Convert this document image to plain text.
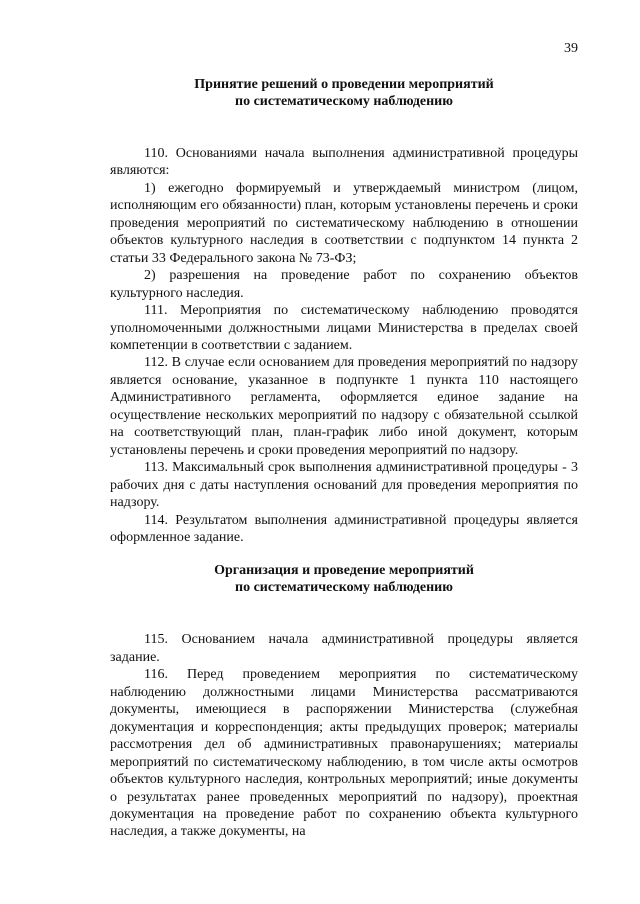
39
Принятие решений о проведении мероприятий
по систематическому наблюдению

110. Основаниями начала выполнения административной процедуры являются:

1) ежегодно формируемый и утверждаемый министром (лицом, исполняющим его обязанности) план, которым установлены перечень и сроки проведения мероприятий по систематическому наблюдению в отношении объектов культурного наследия в соответствии с подпунктом 14 пункта 2 статьи 33 Федерального закона № 73-ФЗ;

2) разрешения на проведение работ по сохранению объектов культурного наследия.

111. Мероприятия по систематическому наблюдению проводятся уполномоченными должностными лицами Министерства в пределах своей компетенции в соответствии с заданием.

112. В случае если основанием для проведения мероприятий по надзору является основание, указанное в подпункте 1 пункта 110 настоящего Административного регламента, оформляется единое задание на осуществление нескольких мероприятий по надзору с обязательной ссылкой на соответствующий план, план-график либо иной документ, которым установлены перечень и сроки проведения мероприятий по надзору.

113. Максимальный срок выполнения административной процедуры - 3 рабочих дня с даты наступления оснований для проведения мероприятия по надзору.

114. Результатом выполнения административной процедуры является оформленное задание.

Организация и проведение мероприятий
по систематическому наблюдению

115. Основанием начала административной процедуры является задание.

116. Перед проведением мероприятия по систематическому наблюдению должностными лицами Министерства рассматриваются документы, имеющиеся в распоряжении Министерства (служебная документация и корреспонденция; акты предыдущих проверок; материалы рассмотрения дел об административных правонарушениях; материалы мероприятий по систематическому наблюдению, в том числе акты осмотров объектов культурного наследия, контрольных мероприятий; иные документы о результатах ранее проведенных мероприятий по надзору), проектная документация на проведение работ по сохранению объекта культурного наследия, а также документы, на
